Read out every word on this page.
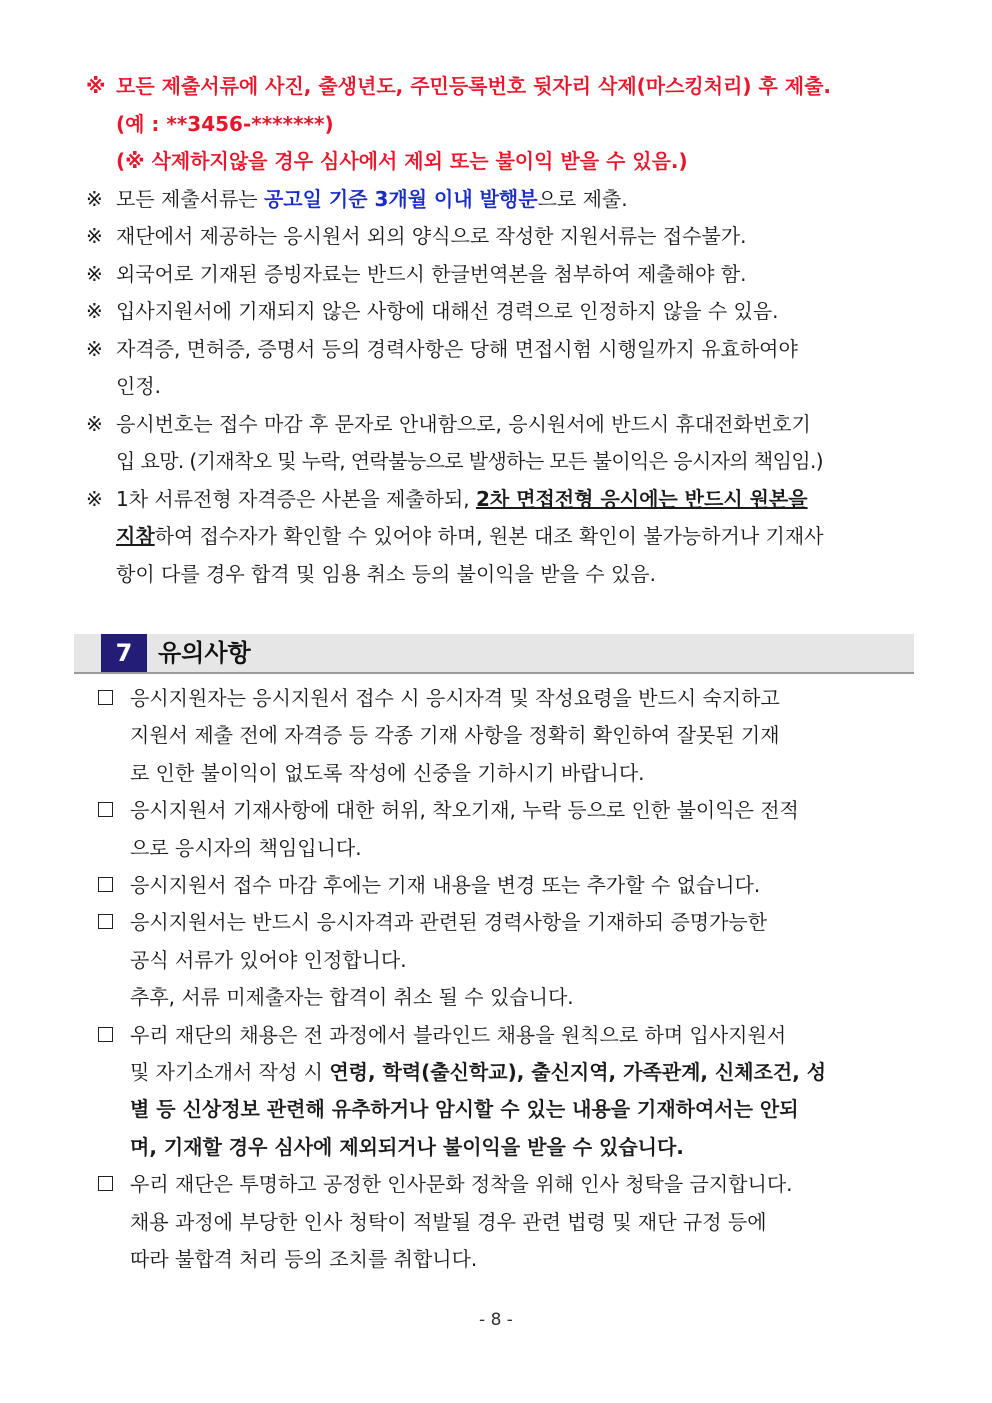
※ 모든 제출서류에 사진, 출생년도, 주민등록번호 뒷자리 삭제(마스킹처리) 후 제출.
(예 : **3456-*******)
(※ 삭제하지않을 경우 심사에서 제외 또는 불이익 받을 수 있음.)
※ 모든 제출서류는 공고일 기준 3개월 이내 발행분으로 제출.
※ 재단에서 제공하는 응시원서 외의 양식으로 작성한 지원서류는 접수불가.
※ 외국어로 기재된 증빙자료는 반드시 한글번역본을 첨부하여 제출해야 함.
※ 입사지원서에 기재되지 않은 사항에 대해선 경력으로 인정하지 않을 수 있음.
※ 자격증, 면허증, 증명서 등의 경력사항은 당해 면접시험 시행일까지 유효하여야
인정.
※ 응시번호는 접수 마감 후 문자로 안내함으로, 응시원서에 반드시 휴대전화번호기
입 요망. (기재착오 및 누락, 연락불능으로 발생하는 모든 불이익은 응시자의 책임임.)
※ 1차 서류전형 자격증은 사본을 제출하되, 2차 면접전형 응시에는 반드시 원본을
지참하여 접수자가 확인할 수 있어야 하며, 원본 대조 확인이 불가능하거나 기재사
항이 다를 경우 합격 및 임용 취소 등의 불이익을 받을 수 있음.
7	유의사항
응시지원자는 응시지원서 접수 시 응시자격 및 작성요령을 반드시 숙지하고
지원서 제출 전에 자격증 등 각종 기재 사항을 정확히 확인하여 잘못된 기재
로 인한 불이익이 없도록 작성에 신중을 기하시기 바랍니다.
응시지원서 기재사항에 대한 허위, 착오기재, 누락 등으로 인한 불이익은 전적
으로 응시자의 책임입니다.
응시지원서 접수 마감 후에는 기재 내용을 변경 또는 추가할 수 없습니다.
응시지원서는 반드시 응시자격과 관련된 경력사항을 기재하되 증명가능한
공식 서류가 있어야 인정합니다.
추후, 서류 미제출자는 합격이 취소 될 수 있습니다.
우리 재단의 채용은 전 과정에서 블라인드 채용을 원칙으로 하며 입사지원서
및 자기소개서 작성 시 연령, 학력(출신학교), 출신지역, 가족관계, 신체조건, 성
별 등 신상정보 관련해 유추하거나 암시할 수 있는 내용을 기재하여서는 안되
며, 기재할 경우 심사에 제외되거나 불이익을 받을 수 있습니다.
우리 재단은 투명하고 공정한 인사문화 정착을 위해 인사 청탁을 금지합니다.
채용 과정에 부당한 인사 청탁이 적발될 경우 관련 법령 및 재단 규정 등에
따라 불합격 처리 등의 조치를 취합니다.
- 8 -
